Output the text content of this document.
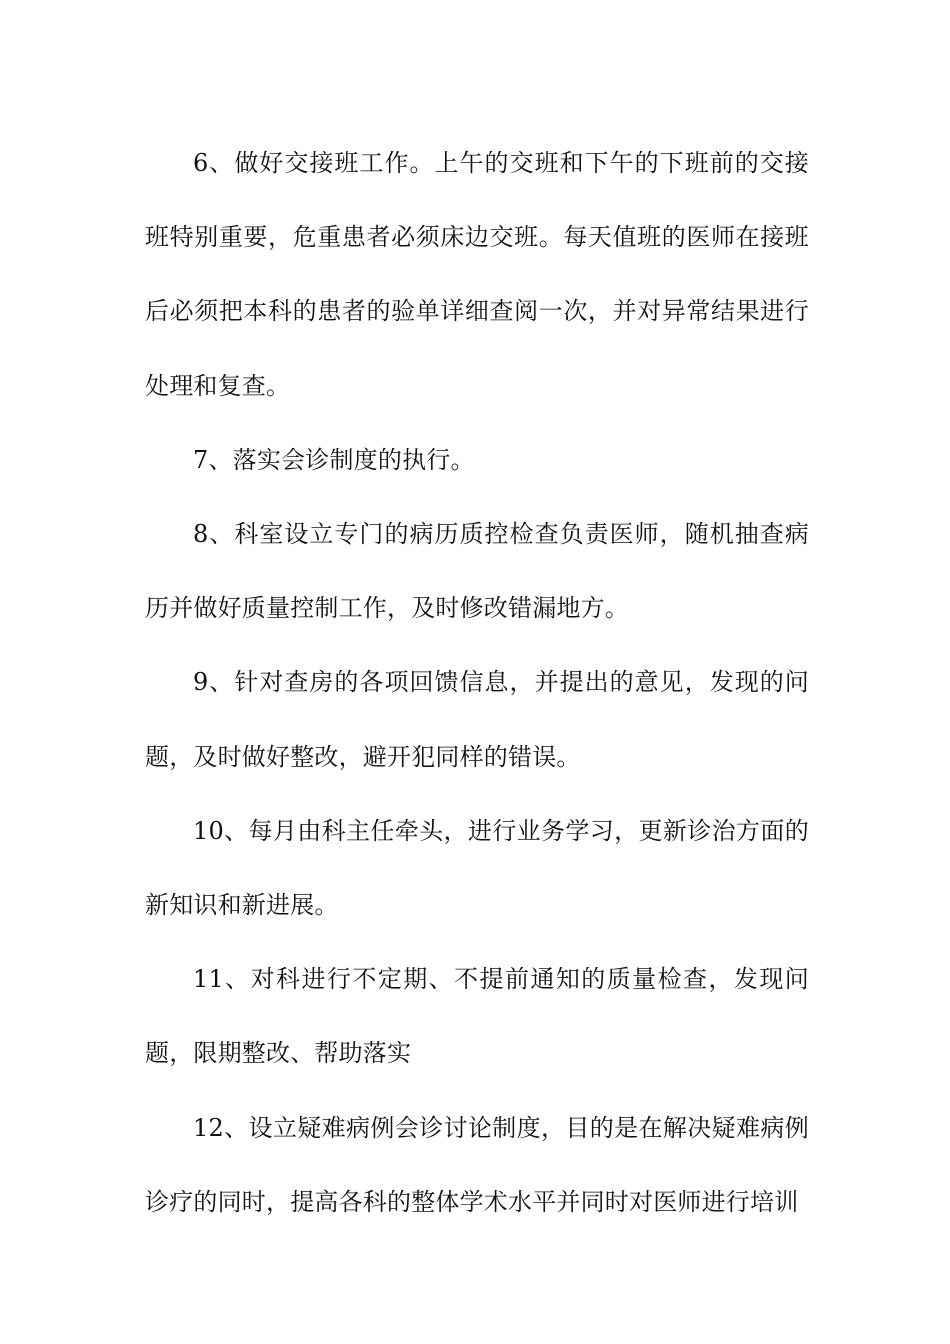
6、做好交接班工作。上午的交班和下午的下班前的交接班特别重要，危重患者必须床边交班。每天值班的医师在接班后必须把本科的患者的验单详细查阅一次，并对异常结果进行处理和复查。

7、落实会诊制度的执行。

8、科室设立专门的病历质控检查负责医师，随机抽查病历并做好质量控制工作，及时修改错漏地方。

9、针对查房的各项回馈信息，并提出的意见，发现的问题，及时做好整改，避开犯同样的错误。

10、每月由科主任牵头，进行业务学习，更新诊治方面的新知识和新进展。

11、对科进行不定期、不提前通知的质量检查，发现问题，限期整改、帮助落实

12、设立疑难病例会诊讨论制度，目的是在解决疑难病例诊疗的同时，提高各科的整体学术水平并同时对医师进行培训
